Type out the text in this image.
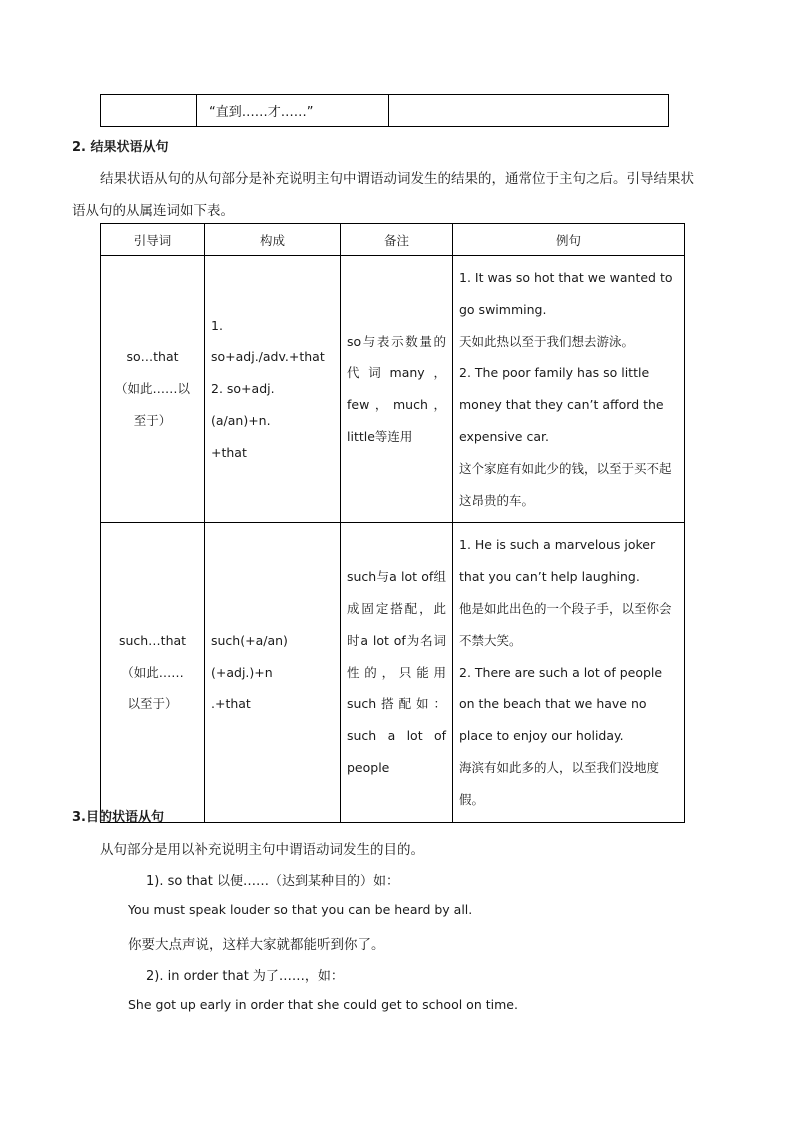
	“直到……才……”	
2. 结果状语从句
结果状语从句的从句部分是补充说明主句中谓语动词发生的结果的，通常位于主句之后。引导结果状
语从句的从属连词如下表。
引导词	构成	备注	例句

so…that
（如此……以
至于）	1. so+adj./adv.+that
2. so+adj.(a/an)+n.
+that	so与表示数量的代词many，few，much，little等连用	1. It was so hot that we wanted to go swimming.
天如此热以至于我们想去游泳。
2. The poor family has so little money that they can’t afford the expensive car.
这个家庭有如此少的钱，以至于买不起这昂贵的车。

such…that
（如此……
以至于）	such(+a/an)(+adj.)+n
.+that	such与a lot of组成固定搭配，此时a lot of为名词性的，只能用such搭配如：such a lot of people	1. He is such a marvelous joker that you can’t help laughing.
他是如此出色的一个段子手，以至你会不禁大笑。
2. There are such a lot of people on the beach that we have no place to enjoy our holiday.
海滨有如此多的人，以至我们没地度假。
3.目的状语从句
从句部分是用以补充说明主句中谓语动词发生的目的。
1). so that 以便……（达到某种目的）如：
You must speak louder so that you can be heard by all.
你要大点声说，这样大家就都能听到你了。
2). in order that 为了……，如：
She got up early in order that she could get to school on time.
